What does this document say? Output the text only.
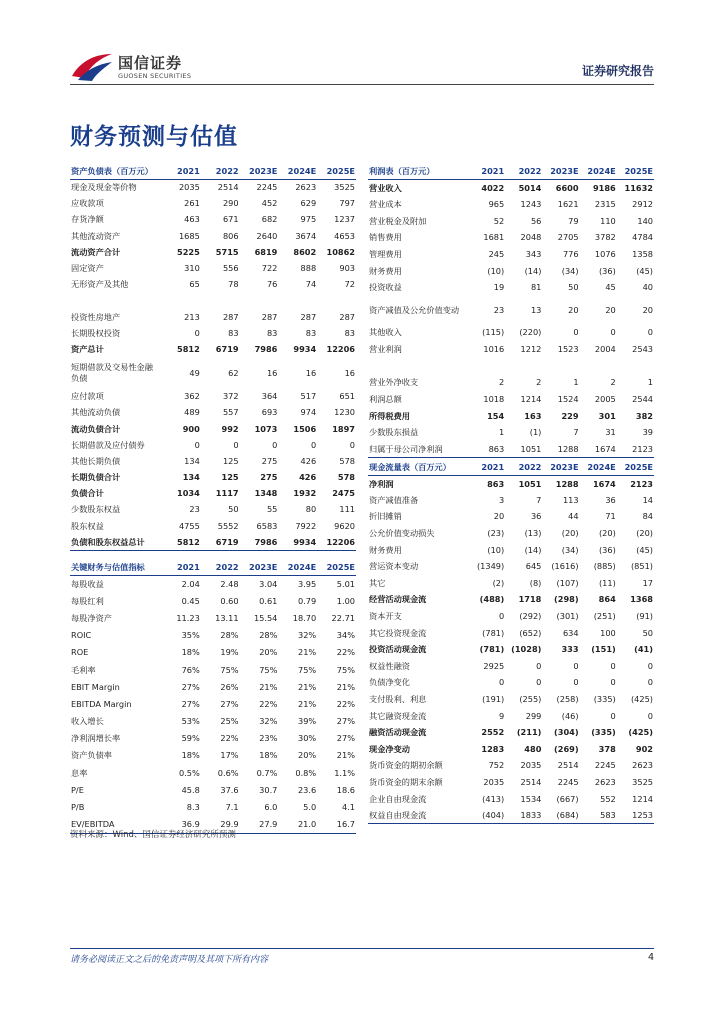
国信证券
GUOSEN SECURITIES	证券研究报告
财务预测与估值
资产负债表（百万元）	2021	2022	2023E	2024E	2025E
现金及现金等价物	2035	2514	2245	2623	3525
应收款项	261	290	452	629	797
存货净额	463	671	682	975	1237
其他流动资产	1685	806	2640	3674	4653
流动资产合计	5225	5715	6819	8602	10862
固定资产	310	556	722	888	903
无形资产及其他	65	78	76	74	72

投资性房地产	213	287	287	287	287
长期股权投资	0	83	83	83	83
资产总计	5812	6719	7986	9934	12206
短期借款及交易性金融负债	49	62	16	16	16
应付款项	362	372	364	517	651
其他流动负债	489	557	693	974	1230
流动负债合计	900	992	1073	1506	1897
长期借款及应付债券	0	0	0	0	0
其他长期负债	134	125	275	426	578
长期负债合计	134	125	275	426	578
负债合计	1034	1117	1348	1932	2475
少数股东权益	23	50	55	80	111
股东权益	4755	5552	6583	7922	9620
负债和股东权益总计	5812	6719	7986	9934	12206
关键财务与估值指标	2021	2022	2023E	2024E	2025E
每股收益	2.04	2.48	3.04	3.95	5.01
每股红利	0.45	0.60	0.61	0.79	1.00
每股净资产	11.23	13.11	15.54	18.70	22.71
ROIC	35%	28%	28%	32%	34%
ROE	18%	19%	20%	21%	22%
毛利率	76%	75%	75%	75%	75%
EBIT Margin	27%	26%	21%	21%	21%
EBITDA Margin	27%	27%	22%	21%	22%
收入增长	53%	25%	32%	39%	27%
净利润增长率	59%	22%	23%	30%	27%
资产负债率	18%	17%	18%	20%	21%
息率	0.5%	0.6%	0.7%	0.8%	1.1%
P/E	45.8	37.6	30.7	23.6	18.6
P/B	8.3	7.1	6.0	5.0	4.1
EV/EBITDA	36.9	29.9	27.9	21.0	16.7
利润表（百万元）	2021	2022	2023E	2024E	2025E
营业收入	4022	5014	6600	9186	11632
营业成本	965	1243	1621	2315	2912
营业税金及附加	52	56	79	110	140
销售费用	1681	2048	2705	3782	4784
管理费用	245	343	776	1076	1358
财务费用	(10)	(14)	(34)	(36)	(45)
投资收益	19	81	50	45	40
资产减值及公允价值变动	23	13	20	20	20
其他收入	(115)	(220)	0	0	0
营业利润	1016	1212	1523	2004	2543

营业外净收支	2	2	1	2	1
利润总额	1018	1214	1524	2005	2544
所得税费用	154	163	229	301	382
少数股东损益	1	(1)	7	31	39
归属于母公司净利润	863	1051	1288	1674	2123
现金流量表（百万元）	2021	2022	2023E	2024E	2025E
净利润	863	1051	1288	1674	2123
资产减值准备	3	7	113	36	14
折旧摊销	20	36	44	71	84
公允价值变动损失	(23)	(13)	(20)	(20)	(20)
财务费用	(10)	(14)	(34)	(36)	(45)
营运资本变动	(1349)	645	(1616)	(885)	(851)
其它	(2)	(8)	(107)	(11)	17
经营活动现金流	(488)	1718	(298)	864	1368
资本开支	0	(292)	(301)	(251)	(91)
其它投资现金流	(781)	(652)	634	100	50
投资活动现金流	(781)	(1028)	333	(151)	(41)
权益性融资	2925	0	0	0	0
负债净变化	0	0	0	0	0
支付股利、利息	(191)	(255)	(258)	(335)	(425)
其它融资现金流	9	299	(46)	0	0
融资活动现金流	2552	(211)	(304)	(335)	(425)
现金净变动	1283	480	(269)	378	902
货币资金的期初余额	752	2035	2514	2245	2623
货币资金的期末余额	2035	2514	2245	2623	3525
企业自由现金流	(413)	1534	(667)	552	1214
权益自由现金流	(404)	1833	(684)	583	1253
资料来源：Wind、国信证券经济研究所预测
请务必阅读正文之后的免责声明及其项下所有内容	4
